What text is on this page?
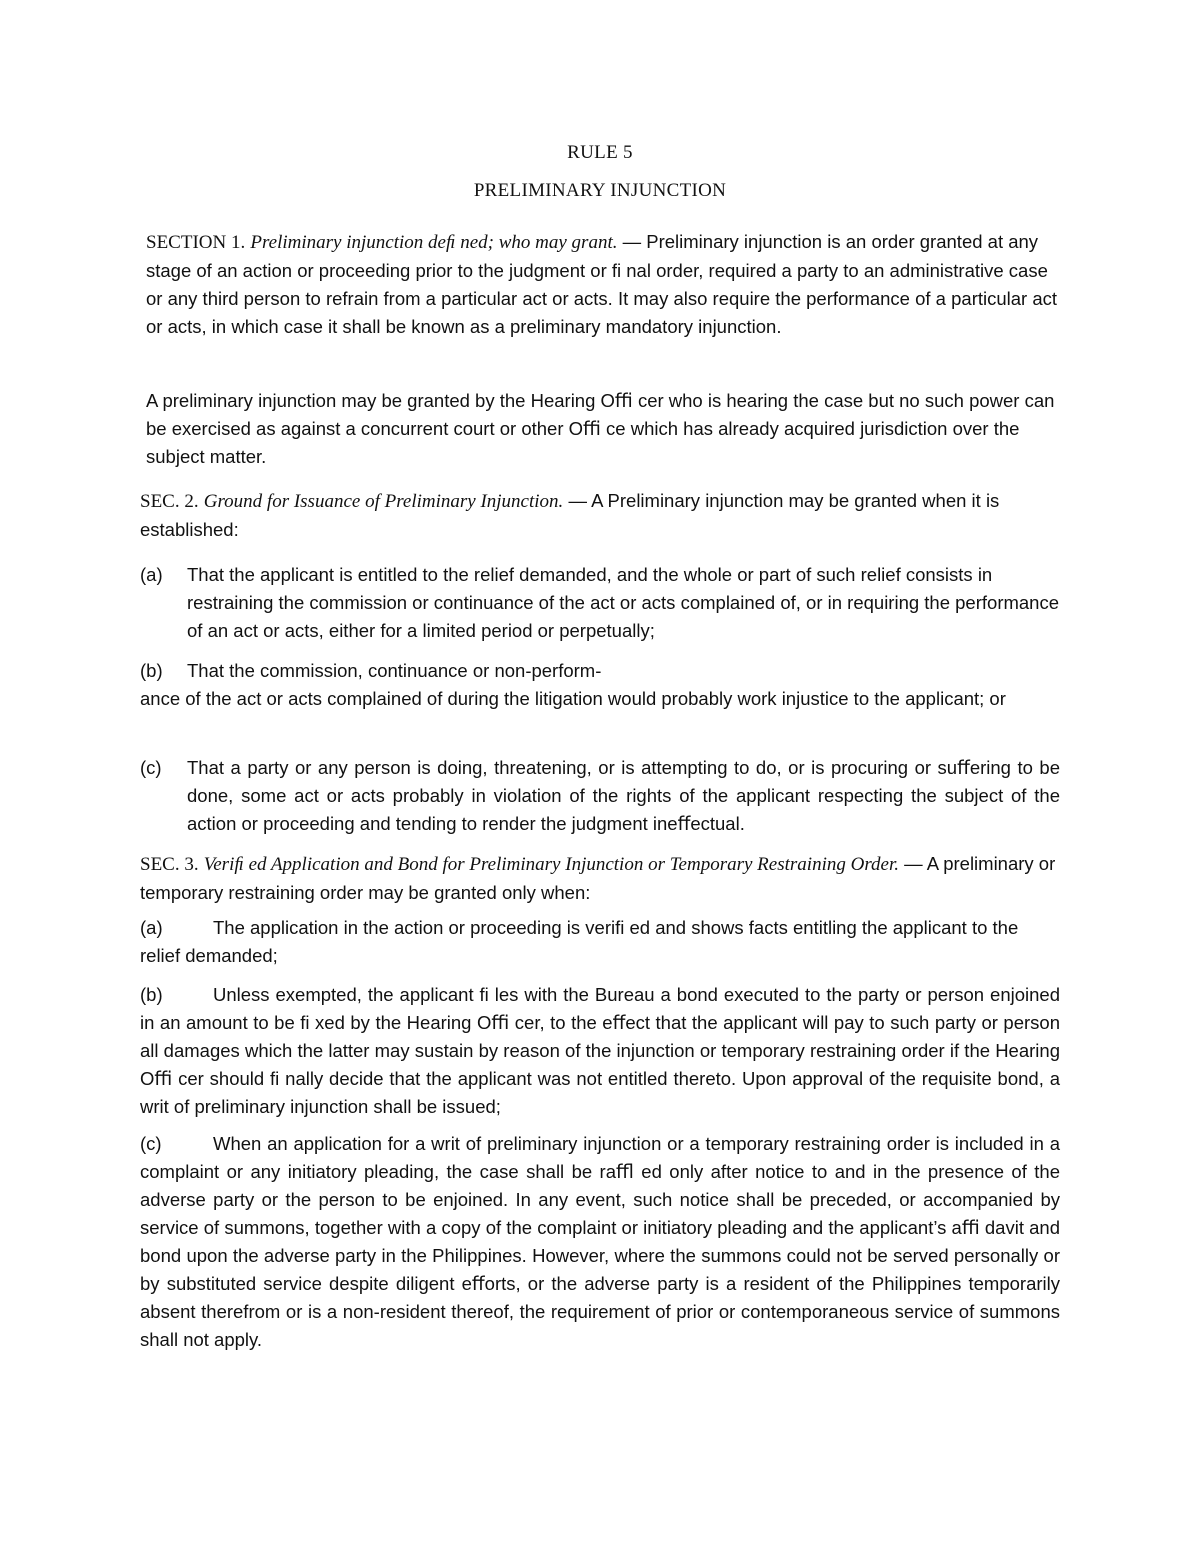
RULE 5
PRELIMINARY INJUNCTION
SECTION 1. Preliminary injunction deﬁ ned; who may grant. — Preliminary injunction is an order granted at any stage of an action or proceeding prior to the judgment or ﬁ nal order, required a party to an administrative case or any third person to refrain from a particular act or acts. It may also require the performance of a particular act or acts, in which case it shall be known as a preliminary mandatory injunction.
A preliminary injunction may be granted by the Hearing Oﬃ cer who is hearing the case but no such power can be exercised as against a concurrent court or other Oﬃ ce which has already acquired jurisdiction over the subject matter.
SEC. 2. Ground for Issuance of Preliminary Injunction. — A Preliminary injunction may be granted when it is established:
(a) That the applicant is entitled to the relief demanded, and the whole or part of such relief consists in restraining the commission or continuance of the act or acts complained of, or in requiring the performance of an act or acts, either for a limited period or perpetually;
(b) That the commission, continuance or non-perform-
ance of the act or acts complained of during the litigation would probably work injustice to the applicant; or
(c) That a party or any person is doing, threatening, or is attempting to do, or is procuring or suﬀering to be done, some act or acts probably in violation of the rights of the applicant respecting the subject of the action or proceeding and tending to render the judgment ineﬀectual.
SEC. 3. Veriﬁ ed Application and Bond for Preliminary Injunction or Temporary Restraining Order. — A preliminary or temporary restraining order may be granted only when:
(a)	The application in the action or proceeding is veriﬁ ed and shows facts entitling the applicant to the relief demanded;
(b)	Unless exempted, the applicant ﬁ les with the Bureau a bond executed to the party or person enjoined in an amount to be ﬁ xed by the Hearing Oﬃ cer, to the eﬀect that the applicant will pay to such party or person all damages which the latter may sustain by reason of the injunction or temporary restraining order if the Hearing Oﬃ cer should ﬁ nally decide that the applicant was not entitled thereto. Upon approval of the requisite bond, a writ of preliminary injunction shall be issued;
(c)	When an application for a writ of preliminary injunction or a temporary restraining order is included in a complaint or any initiatory pleading, the case shall be raﬄ ed only after notice to and in the presence of the adverse party or the person to be enjoined. In any event, such notice shall be preceded, or accompanied by service of summons, together with a copy of the complaint or initiatory pleading and the applicant’s aﬃ davit and bond upon the adverse party in the Philippines. However, where the summons could not be served personally or by substituted service despite diligent eﬀorts, or the adverse party is a resident of the Philippines temporarily absent therefrom or is a non-resident thereof, the requirement of prior or contemporaneous service of summons shall not apply.
